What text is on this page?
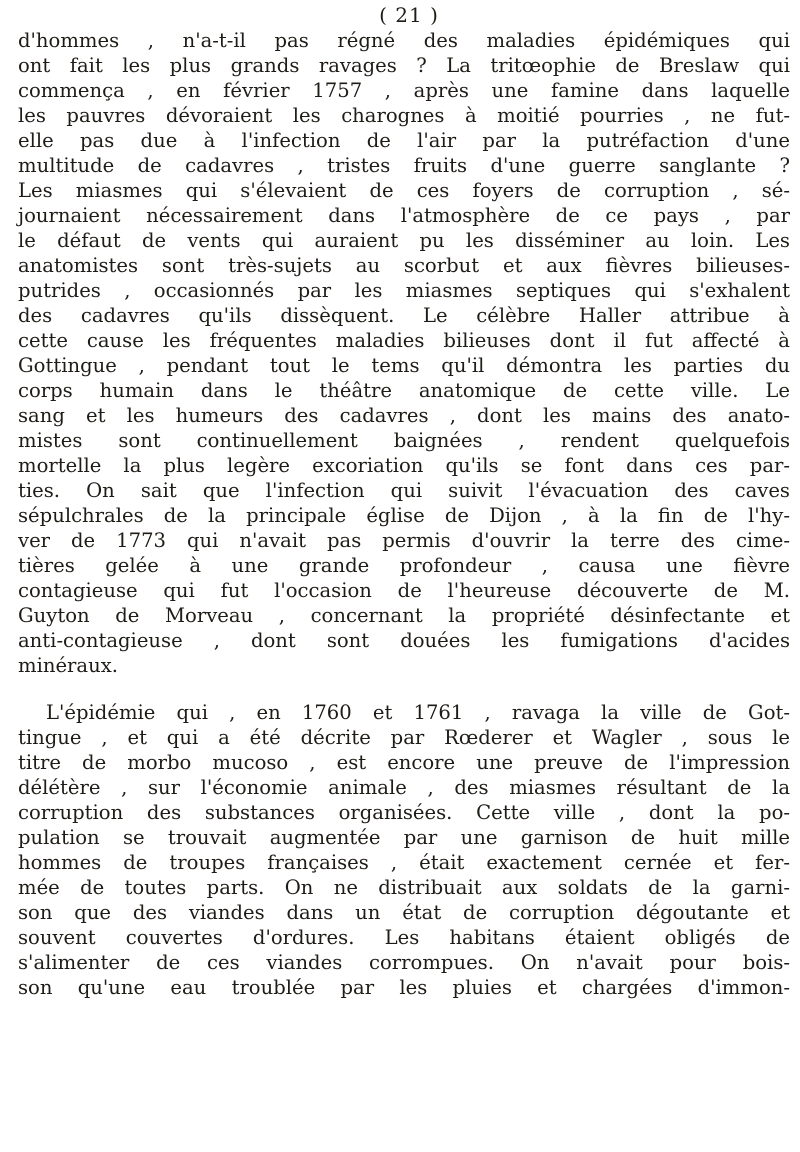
( 21 )

d'hommes , n'a-t-il pas régné des maladies épidémiques qui
ont fait les plus grands ravages ? La tritœophie de Breslaw qui
commença , en février 1757 , après une famine dans laquelle
les pauvres dévoraient les charognes à moitié pourries , ne fut-
elle pas due à l'infection de l'air par la putréfaction d'une
multitude de cadavres , tristes fruits d'une guerre sanglante ?
Les miasmes qui s'élevaient de ces foyers de corruption , sé-
journaient nécessairement dans l'atmosphère de ce pays , par
le défaut de vents qui auraient pu les disséminer au loin. Les
anatomistes sont très-sujets au scorbut et aux fièvres bilieuses-
putrides , occasionnés par les miasmes septiques qui s'exhalent
des cadavres qu'ils dissèquent. Le célèbre Haller attribue à
cette cause les fréquentes maladies bilieuses dont il fut affecté à
Gottingue , pendant tout le tems qu'il démontra les parties du
corps humain dans le théâtre anatomique de cette ville. Le
sang et les humeurs des cadavres , dont les mains des anato-
mistes sont continuellement baignées , rendent quelquefois
mortelle la plus legère excoriation qu'ils se font dans ces par-
ties. On sait que l'infection qui suivit l'évacuation des caves
sépulchrales de la principale église de Dijon , à la fin de l'hy-
ver de 1773 qui n'avait pas permis d'ouvrir la terre des cime-
tières gelée à une grande profondeur , causa une fièvre
contagieuse qui fut l'occasion de l'heureuse découverte de M.
Guyton de Morveau , concernant la propriété désinfectante et
anti-contagieuse , dont sont douées les fumigations d'acides
minéraux.

L'épidémie qui , en 1760 et 1761 , ravaga la ville de Got-
tingue , et qui a été décrite par Rœderer et Wagler , sous le
titre de morbo mucoso , est encore une preuve de l'impression
délétère , sur l'économie animale , des miasmes résultant de la
corruption des substances organisées. Cette ville , dont la po-
pulation se trouvait augmentée par une garnison de huit mille
hommes de troupes françaises , était exactement cernée et fer-
mée de toutes parts. On ne distribuait aux soldats de la garni-
son que des viandes dans un état de corruption dégoutante et
souvent couvertes d'ordures. Les habitans étaient obligés de
s'alimenter de ces viandes corrompues. On n'avait pour bois-
son qu'une eau troublée par les pluies et chargées d'immon-
